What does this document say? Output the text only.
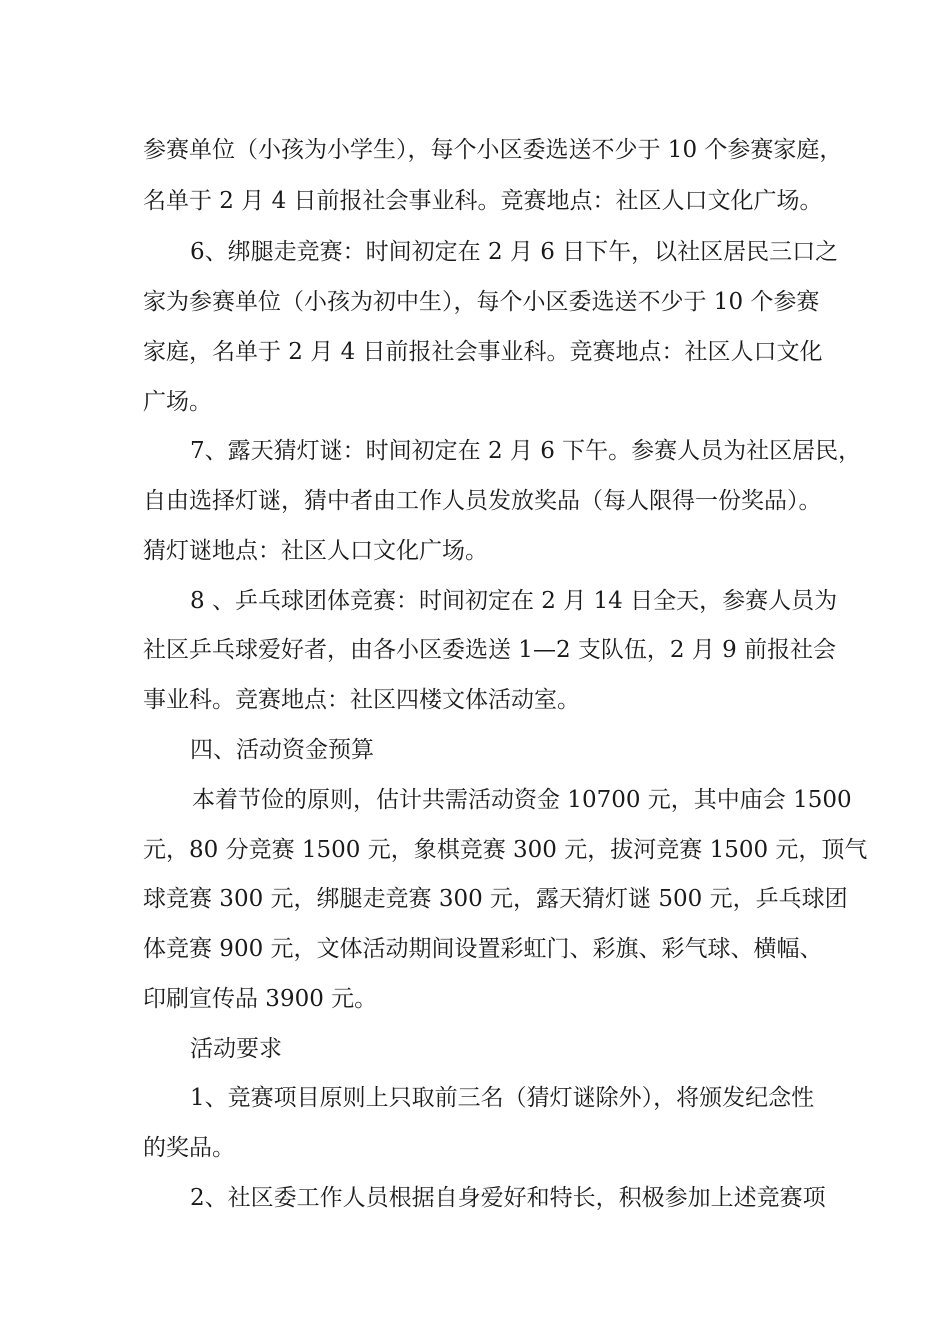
参赛单位（小孩为小学生），每个小区委选送不少于 10 个参赛家庭，
名单于 2 月 4 日前报社会事业科。竞赛地点：社区人口文化广场。
6、绑腿走竞赛：时间初定在 2 月 6 日下午，以社区居民三口之
家为参赛单位（小孩为初中生），每个小区委选送不少于 10 个参赛
家庭，名单于 2 月 4 日前报社会事业科。竞赛地点：社区人口文化
广场。
7、露天猜灯谜：时间初定在 2 月 6 下午。参赛人员为社区居民，
自由选择灯谜，猜中者由工作人员发放奖品（每人限得一份奖品）。
猜灯谜地点：社区人口文化广场。
8 、乒乓球团体竞赛：时间初定在 2 月 14 日全天，参赛人员为
社区乒乓球爱好者，由各小区委选送 1—2 支队伍，2 月 9 前报社会
事业科。竞赛地点：社区四楼文体活动室。
四、活动资金预算
本着节俭的原则，估计共需活动资金 10700 元，其中庙会 1500
元，80 分竞赛 1500 元，象棋竞赛 300 元，拔河竞赛 1500 元，顶气
球竞赛 300 元，绑腿走竞赛 300 元，露天猜灯谜 500 元，乒乓球团
体竞赛 900 元，文体活动期间设置彩虹门、彩旗、彩气球、横幅、
印刷宣传品 3900 元。
活动要求
1、竞赛项目原则上只取前三名（猜灯谜除外），将颁发纪念性
的奖品。
2、社区委工作人员根据自身爱好和特长，积极参加上述竞赛项
